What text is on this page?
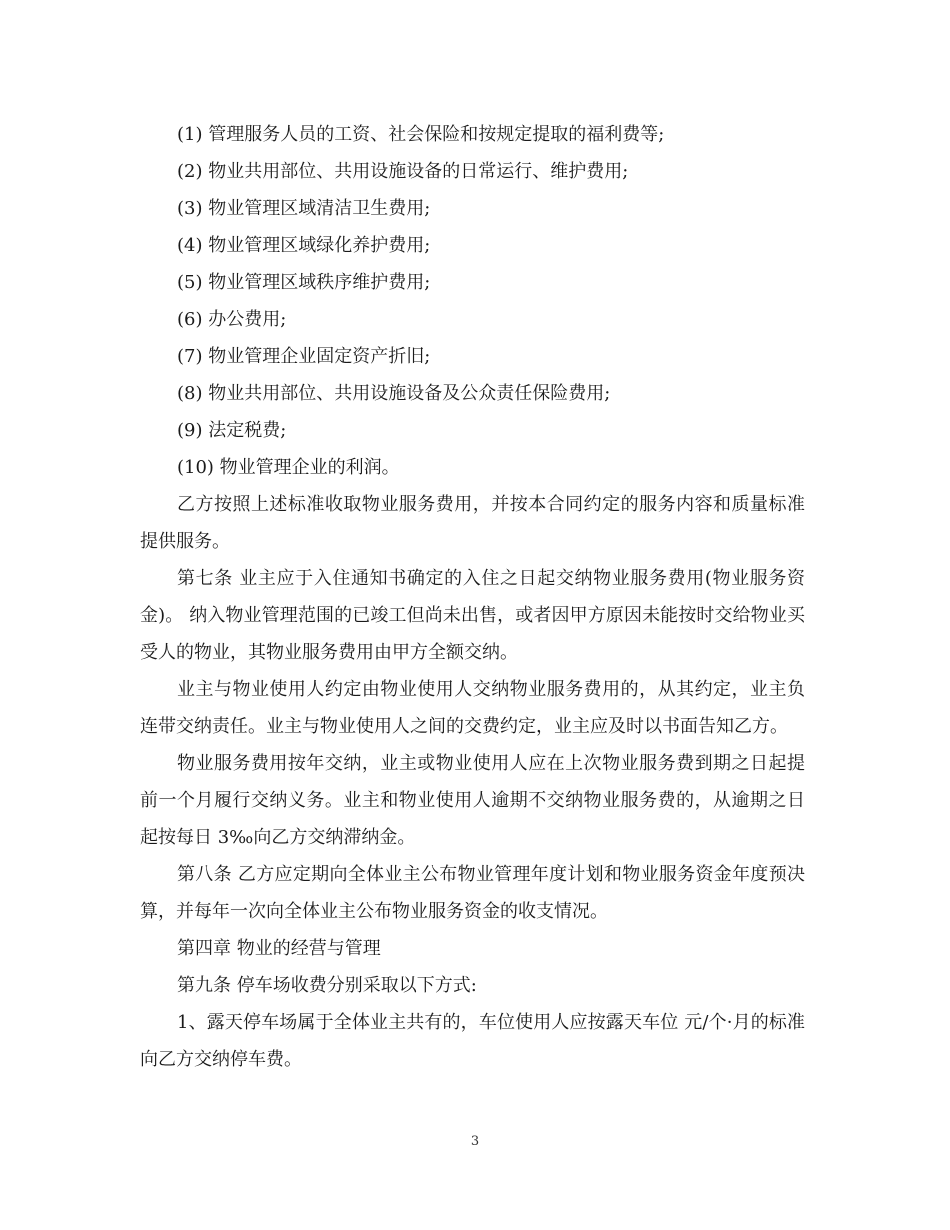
(1) 管理服务人员的工资、社会保险和按规定提取的福利费等;

(2) 物业共用部位、共用设施设备的日常运行、维护费用;

(3) 物业管理区域清洁卫生费用;

(4) 物业管理区域绿化养护费用;

(5) 物业管理区域秩序维护费用;

(6) 办公费用;

(7) 物业管理企业固定资产折旧;

(8) 物业共用部位、共用设施设备及公众责任保险费用;

(9) 法定税费;

(10) 物业管理企业的利润。

乙方按照上述标准收取物业服务费用，并按本合同约定的服务内容和质量标准提供服务。

第七条 业主应于入住通知书确定的入住之日起交纳物业服务费用(物业服务资金)。 纳入物业管理范围的已竣工但尚未出售，或者因甲方原因未能按时交给物业买受人的物业，其物业服务费用由甲方全额交纳。

业主与物业使用人约定由物业使用人交纳物业服务费用的，从其约定，业主负连带交纳责任。业主与物业使用人之间的交费约定，业主应及时以书面告知乙方。

物业服务费用按年交纳，业主或物业使用人应在上次物业服务费到期之日起提前一个月履行交纳义务。业主和物业使用人逾期不交纳物业服务费的，从逾期之日起按每日 3‰向乙方交纳滞纳金。

第八条 乙方应定期向全体业主公布物业管理年度计划和物业服务资金年度预决算，并每年一次向全体业主公布物业服务资金的收支情况。

第四章 物业的经营与管理

第九条 停车场收费分别采取以下方式:

1、露天停车场属于全体业主共有的，车位使用人应按露天车位 元/个·月的标准向乙方交纳停车费。

3
